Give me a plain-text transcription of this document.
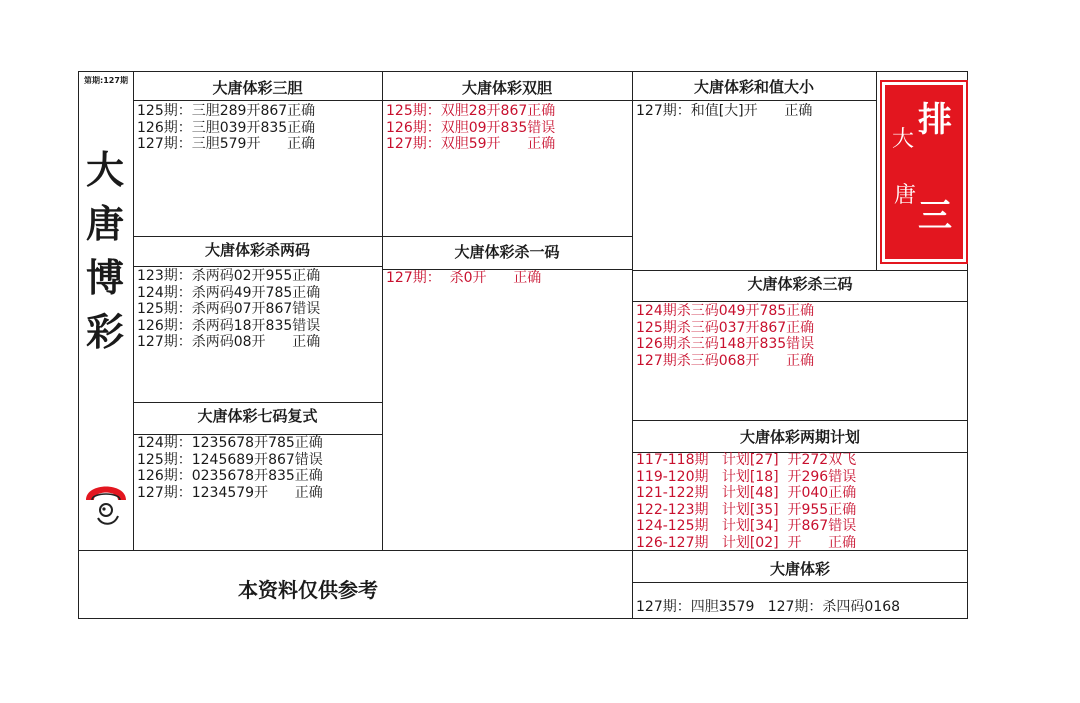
第期:127期
大
唐
博
彩
大唐体彩三胆
125期：三胆289开867正确
126期：三胆039开835正确
127期：三胆579开      正确
大唐体彩双胆
125期：双胆28开867正确
126期：双胆09开835错误
127期：双胆59开      正确
大唐体彩和值大小
127期：和值[大]开      正确	排
三
大
唐
大唐体彩杀两码
123期：杀两码02开955正确
124期：杀两码49开785正确
125期：杀两码07开867错误
126期：杀两码18开835错误
127期：杀两码08开      正确
大唐体彩杀一码
127期：  杀0开      正确	大唐体彩杀三码
124期杀三码049开785正确
125期杀三码037开867正确
126期杀三码148开835错误
127期杀三码068开      正确
大唐体彩七码复式
124期：1235678开785正确
125期：1245689开867错误
126期：0235678开835正确
127期：1234579开      正确
大唐体彩两期计划
117-118期   计划[27]  开272双飞
119-120期   计划[18]  开296错误
121-122期   计划[48]  开040正确
122-123期   计划[35]  开955正确
124-125期   计划[34]  开867错误
126-127期   计划[02]  开      正确
大唐体彩
127期：四胆3579   127期：杀四码0168
本资料仅供参考
